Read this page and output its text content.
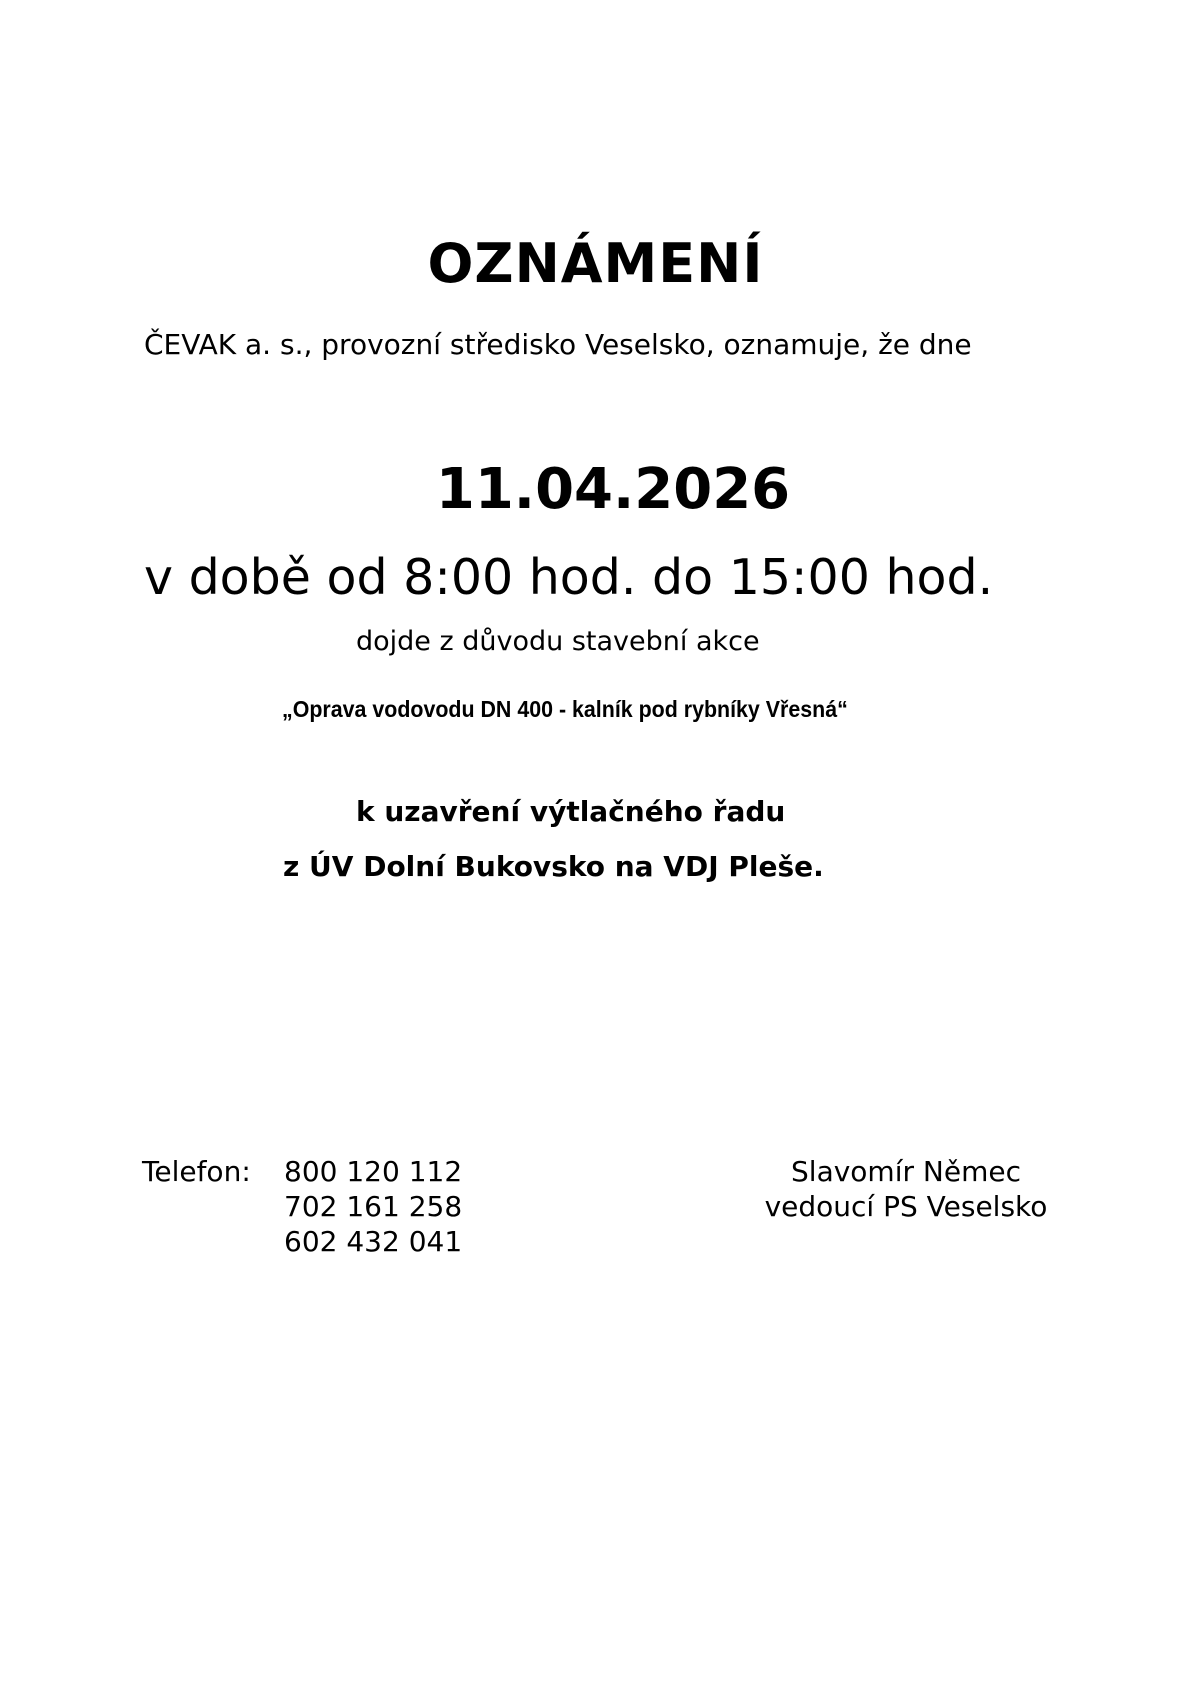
OZNÁMENÍ
ČEVAK a. s., provozní středisko Veselsko, oznamuje, že dne
11.04.2026
v době od 8:00 hod. do 15:00 hod.
dojde z důvodu stavební akce
„Oprava vodovodu DN 400 - kalník pod rybníky Vřesná“
k uzavření výtlačného řadu
z ÚV Dolní Bukovsko na VDJ Pleše.
Telefon: 800 120 112
702 161 258
602 432 041
Slavomír Němec
vedoucí PS Veselsko
